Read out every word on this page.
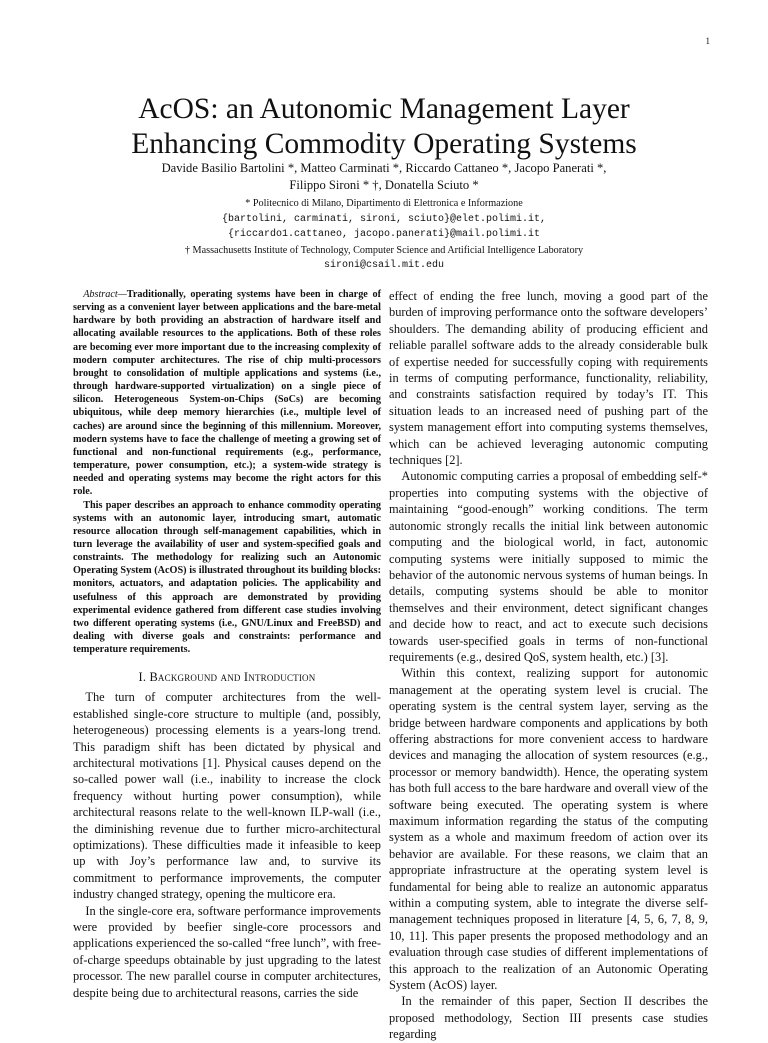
1
AcOS: an Autonomic Management Layer
Enhancing Commodity Operating Systems
Davide Basilio Bartolini *, Matteo Carminati *, Riccardo Cattaneo *, Jacopo Panerati *,
Filippo Sironi * †, Donatella Sciuto *
* Politecnico di Milano, Dipartimento di Elettronica e Informazione
{bartolini, carminati, sironi, sciuto}@elet.polimi.it,
{riccardo1.cattaneo, jacopo.panerati}@mail.polimi.it
† Massachusetts Institute of Technology, Computer Science and Artificial Intelligence Laboratory
sironi@csail.mit.edu

Abstract—Traditionally, operating systems have been in charge of serving as a convenient layer between applications and the bare-metal hardware by both providing an abstraction of hardware itself and allocating available resources to the applications. Both of these roles are becoming ever more important due to the increasing complexity of modern computer architectures. The rise of chip multi-processors brought to consolidation of multiple applications and systems (i.e., through hardware-supported virtualization) on a single piece of silicon. Heterogeneous System-on-Chips (SoCs) are becoming ubiquitous, while deep memory hierarchies (i.e., multiple level of caches) are around since the beginning of this millennium. Moreover, modern systems have to face the challenge of meeting a growing set of functional and non-functional requirements (e.g., performance, temperature, power consumption, etc.); a system-wide strategy is needed and operating systems may become the right actors for this role.

This paper describes an approach to enhance commodity operating systems with an autonomic layer, introducing smart, automatic resource allocation through self-management capabilities, which in turn leverage the availability of user and system-specified goals and constraints. The methodology for realizing such an Autonomic Operating System (AcOS) is illustrated throughout its building blocks: monitors, actuators, and adaptation policies. The applicability and usefulness of this approach are demonstrated by providing experimental evidence gathered from different case studies involving two different operating systems (i.e., GNU/Linux and FreeBSD) and dealing with diverse goals and constraints: performance and temperature requirements.

I. Background and Introduction

The turn of computer architectures from the well-established single-core structure to multiple (and, possibly, heterogeneous) processing elements is a years-long trend. This paradigm shift has been dictated by physical and architectural motivations [1]. Physical causes depend on the so-called power wall (i.e., inability to increase the clock frequency without hurting power consumption), while architectural reasons relate to the well-known ILP-wall (i.e., the diminishing revenue due to further micro-architectural optimizations). These difficulties made it infeasible to keep up with Joy’s performance law and, to survive its commitment to performance improvements, the computer industry changed strategy, opening the multicore era.

In the single-core era, software performance improvements were provided by beefier single-core processors and applications experienced the so-called “free lunch”, with free-of-charge speedups obtainable by just upgrading to the latest processor. The new parallel course in computer architectures, despite being due to architectural reasons, carries the side

effect of ending the free lunch, moving a good part of the burden of improving performance onto the software developers’ shoulders. The demanding ability of producing efficient and reliable parallel software adds to the already considerable bulk of expertise needed for successfully coping with requirements in terms of computing performance, functionality, reliability, and constraints satisfaction required by today’s IT. This situation leads to an increased need of pushing part of the system management effort into computing systems themselves, which can be achieved leveraging autonomic computing techniques [2].

Autonomic computing carries a proposal of embedding self-* properties into computing systems with the objective of maintaining “good-enough” working conditions. The term autonomic strongly recalls the initial link between autonomic computing and the biological world, in fact, autonomic computing systems were initially supposed to mimic the behavior of the autonomic nervous systems of human beings. In details, computing systems should be able to monitor themselves and their environment, detect significant changes and decide how to react, and act to execute such decisions towards user-specified goals in terms of non-functional requirements (e.g., desired QoS, system health, etc.) [3].

Within this context, realizing support for autonomic management at the operating system level is crucial. The operating system is the central system layer, serving as the bridge between hardware components and applications by both offering abstractions for more convenient access to hardware devices and managing the allocation of system resources (e.g., processor or memory bandwidth). Hence, the operating system has both full access to the bare hardware and overall view of the software being executed. The operating system is where maximum information regarding the status of the computing system as a whole and maximum freedom of action over its behavior are available. For these reasons, we claim that an appropriate infrastructure at the operating system level is fundamental for being able to realize an autonomic apparatus within a computing system, able to integrate the diverse self-management techniques proposed in literature [4, 5, 6, 7, 8, 9, 10, 11]. This paper presents the proposed methodology and an evaluation through case studies of different implementations of this approach to the realization of an Autonomic Operating System (AcOS) layer.

In the remainder of this paper, Section II describes the proposed methodology, Section III presents case studies regarding
